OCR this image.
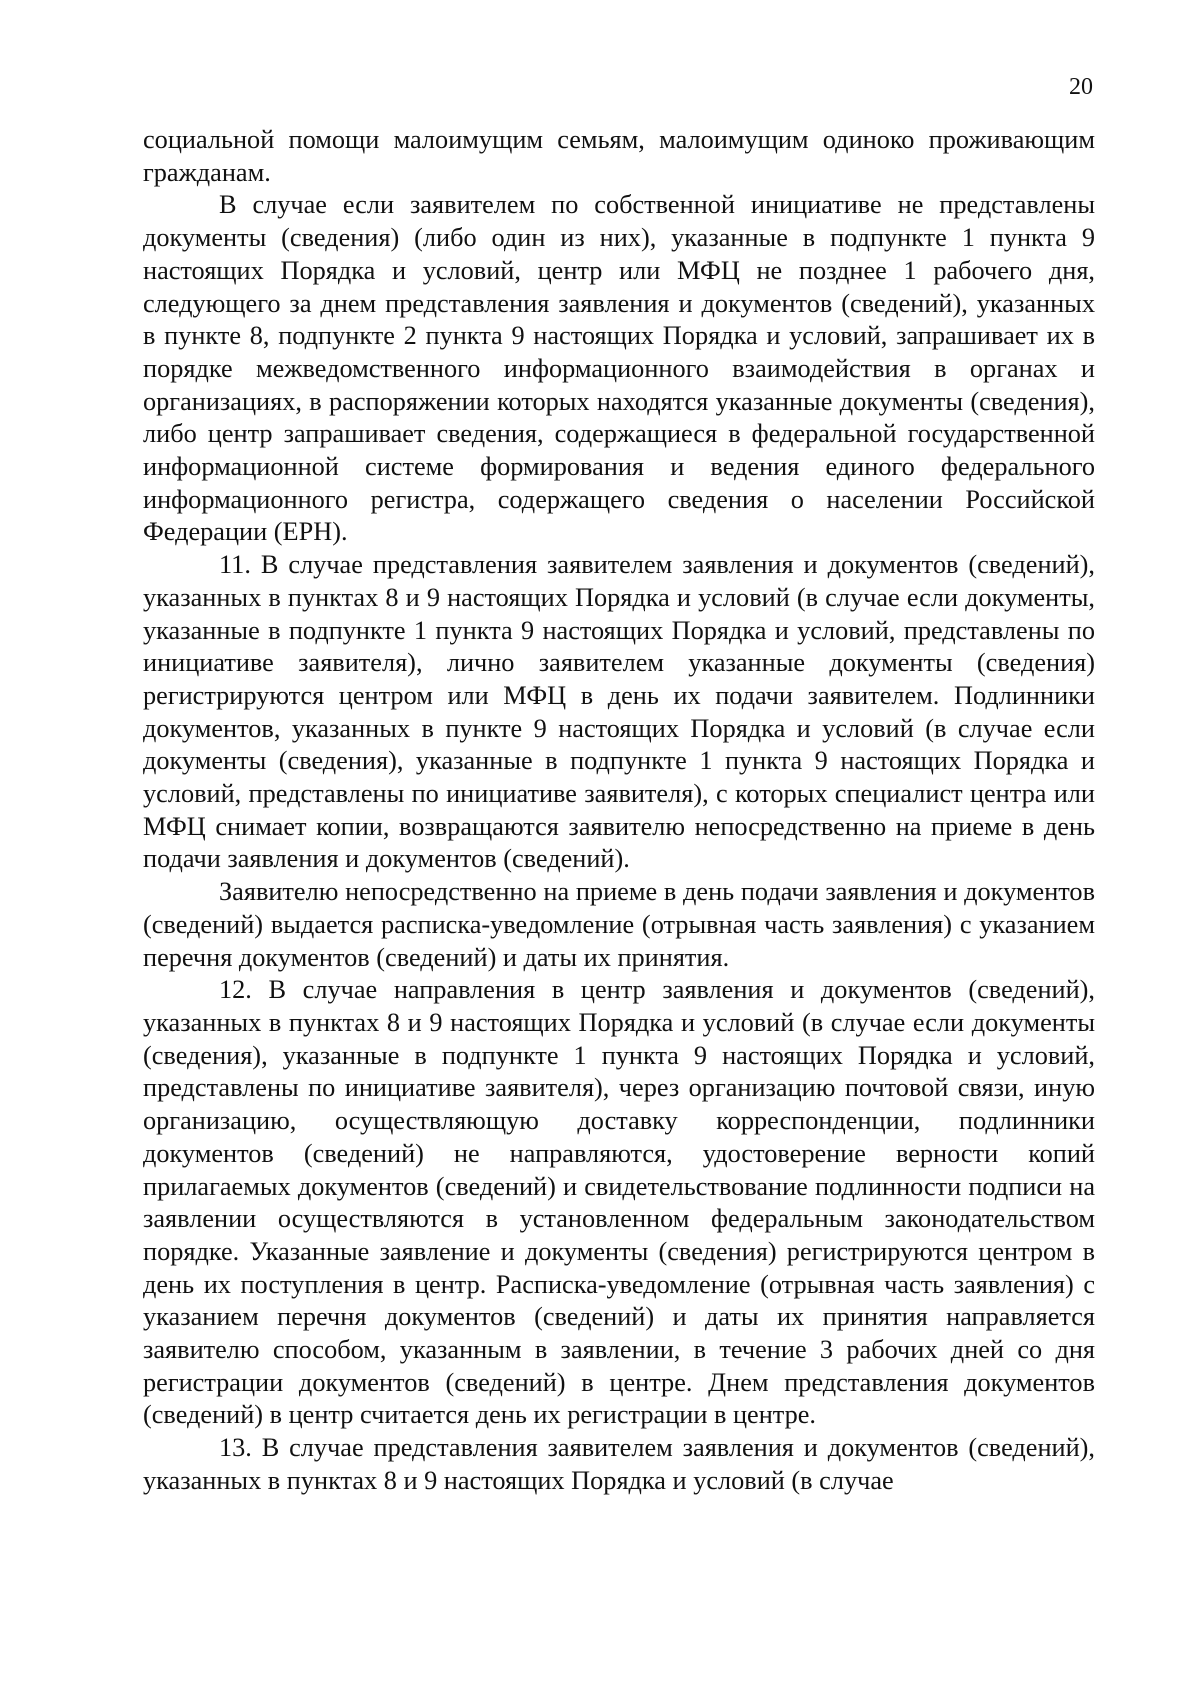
20

социальной помощи малоимущим семьям, малоимущим одиноко проживающим гражданам.

В случае если заявителем по собственной инициативе не представлены документы (сведения) (либо один из них), указанные в подпункте 1 пункта 9 настоящих Порядка и условий, центр или МФЦ не позднее 1 рабочего дня, следующего за днем представления заявления и документов (сведений), указанных в пункте 8, подпункте 2 пункта 9 настоящих Порядка и условий, запрашивает их в порядке межведомственного информационного взаимодействия в органах и организациях, в распоряжении которых находятся указанные документы (сведения), либо центр запрашивает сведения, содержащиеся в федеральной государственной информационной системе формирования и ведения единого федерального информационного регистра, содержащего сведения о населении Российской Федерации (ЕРН).

11. В случае представления заявителем заявления и документов (сведений), указанных в пунктах 8 и 9 настоящих Порядка и условий (в случае если документы, указанные в подпункте 1 пункта 9 настоящих Порядка и условий, представлены по инициативе заявителя), лично заявителем указанные документы (сведения) регистрируются центром или МФЦ в день их подачи заявителем. Подлинники документов, указанных в пункте 9 настоящих Порядка и условий (в случае если документы (сведения), указанные в подпункте 1 пункта 9 настоящих Порядка и условий, представлены по инициативе заявителя), с которых специалист центра или МФЦ снимает копии, возвращаются заявителю непосредственно на приеме в день подачи заявления и документов (сведений).

Заявителю непосредственно на приеме в день подачи заявления и документов (сведений) выдается расписка-уведомление (отрывная часть заявления) с указанием перечня документов (сведений) и даты их принятия.

12. В случае направления в центр заявления и документов (сведений), указанных в пунктах 8 и 9 настоящих Порядка и условий (в случае если документы (сведения), указанные в подпункте 1 пункта 9 настоящих Порядка и условий, представлены по инициативе заявителя), через организацию почтовой связи, иную организацию, осуществляющую доставку корреспонденции, подлинники документов (сведений) не направляются, удостоверение верности копий прилагаемых документов (сведений) и свидетельствование подлинности подписи на заявлении осуществляются в установленном федеральным законодательством порядке. Указанные заявление и документы (сведения) регистрируются центром в день их поступления в центр. Расписка-уведомление (отрывная часть заявления) с указанием перечня документов (сведений) и даты их принятия направляется заявителю способом, указанным в заявлении, в течение 3 рабочих дней со дня регистрации документов (сведений) в центре. Днем представления документов (сведений) в центр считается день их регистрации в центре.

13. В случае представления заявителем заявления и документов (сведений), указанных в пунктах 8 и 9 настоящих Порядка и условий (в случае
